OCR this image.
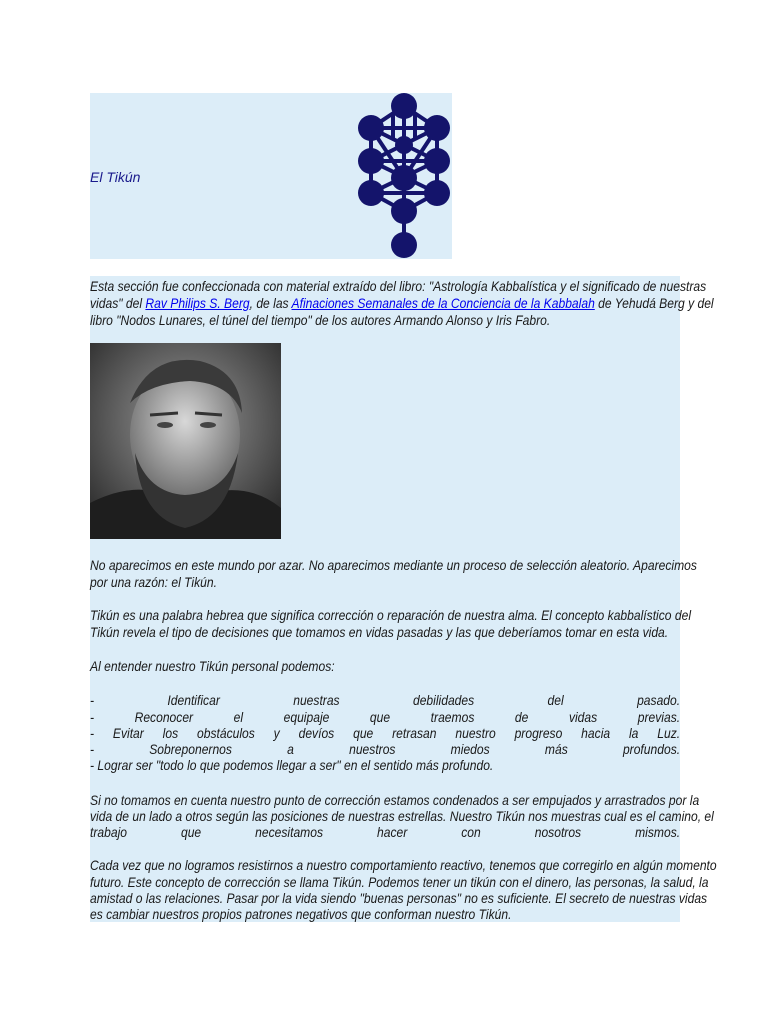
El Tikún
Esta sección fue confeccionada con material extraído del libro: "Astrología Kabbalística y el significado de nuestras
vidas" del Rav Philips S. Berg, de las Afinaciones Semanales de la Conciencia de la Kabbalah de Yehudá Berg y del
libro "Nodos Lunares, el túnel del tiempo" de los autores Armando Alonso y Iris Fabro.
No aparecimos en este mundo por azar. No aparecimos mediante un proceso de selección aleatorio. Aparecimos
por una razón: el Tikún.
Tikún es una palabra hebrea que significa corrección o reparación de nuestra alma. El concepto kabbalístico del
Tikún revela el tipo de decisiones que tomamos en vidas pasadas y las que deberíamos tomar en esta vida.
Al entender nuestro Tikún personal podemos:
- Identificar nuestras debilidades del pasado.
- Reconocer el equipaje que traemos de vidas previas.
- Evitar los obstáculos y devíos que retrasan nuestro progreso hacia la Luz.
- Sobreponernos a nuestros miedos más profundos.
- Lograr ser "todo lo que podemos llegar a ser" en el sentido más profundo.
Si no tomamos en cuenta nuestro punto de corrección estamos condenados a ser empujados y arrastrados por la
vida de un lado a otros según las posiciones de nuestras estrellas. Nuestro Tikún nos muestras cual es el camino, el
trabajo que necesitamos hacer con nosotros mismos.
Cada vez que no logramos resistirnos a nuestro comportamiento reactivo, tenemos que corregirlo en algún momento
futuro. Este concepto de corrección se llama Tikún. Podemos tener un tikún con el dinero, las personas, la salud, la
amistad o las relaciones. Pasar por la vida siendo "buenas personas" no es suficiente. El secreto de nuestras vidas
es cambiar nuestros propios patrones negativos que conforman nuestro Tikún.
